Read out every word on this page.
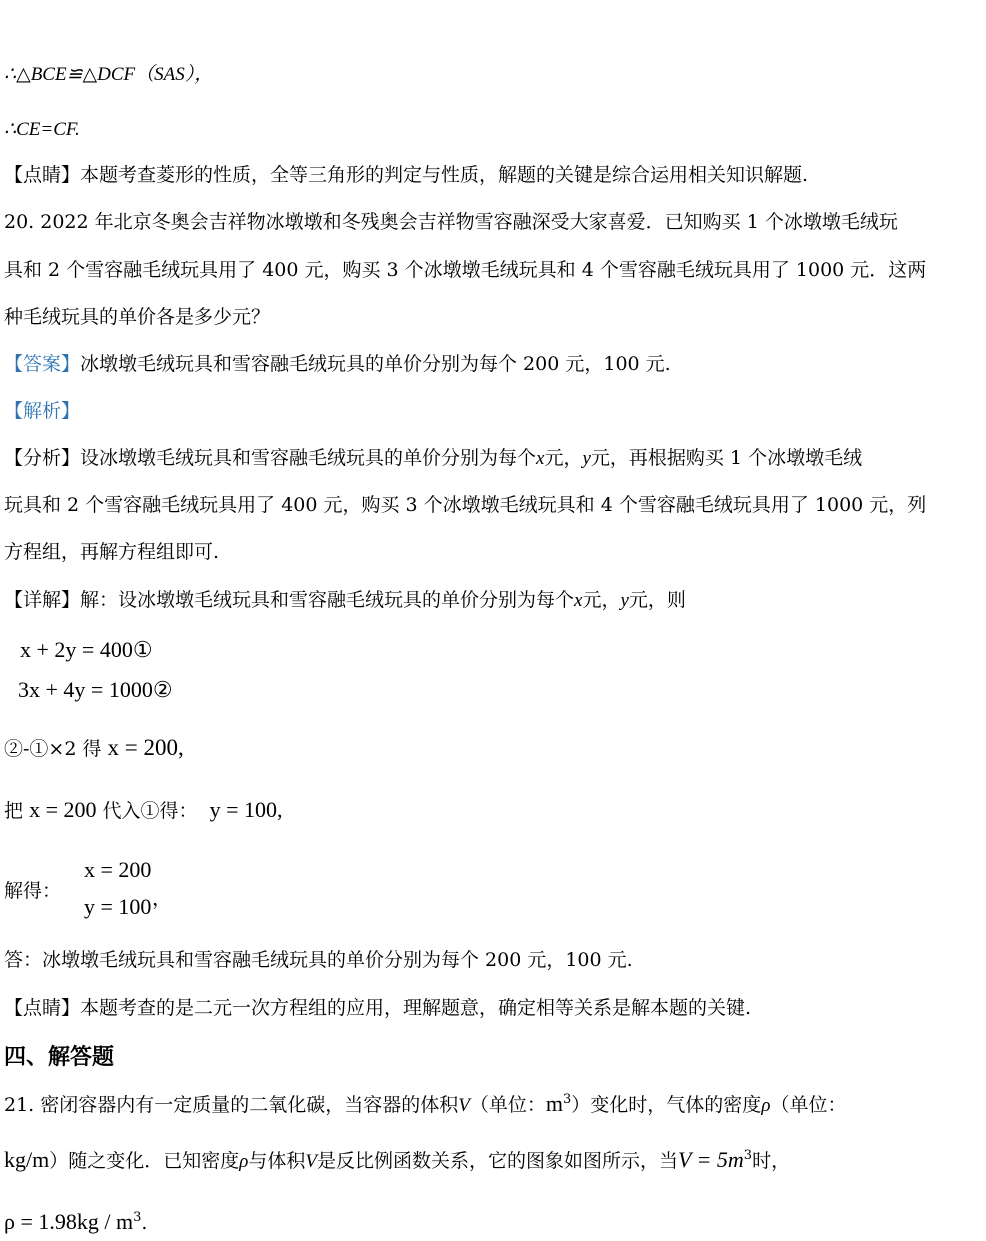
∴△BCE≌△DCF（SAS），
∴CE=CF.
【点睛】本题考查菱形的性质，全等三角形的判定与性质，解题的关键是综合运用相关知识解题.
20. 2022 年北京冬奥会吉祥物冰墩墩和冬残奥会吉祥物雪容融深受大家喜爱．已知购买 1 个冰墩墩毛绒玩
具和 2 个雪容融毛绒玩具用了 400 元，购买 3 个冰墩墩毛绒玩具和 4 个雪容融毛绒玩具用了 1000 元．这两
种毛绒玩具的单价各是多少元？
【答案】冰墩墩毛绒玩具和雪容融毛绒玩具的单价分别为每个 200 元，100 元.
【解析】
【分析】设冰墩墩毛绒玩具和雪容融毛绒玩具的单价分别为每个x元，y元，再根据购买 1 个冰墩墩毛绒
玩具和 2 个雪容融毛绒玩具用了 400 元，购买 3 个冰墩墩毛绒玩具和 4 个雪容融毛绒玩具用了 1000 元，列
方程组，再解方程组即可.
【详解】解：设冰墩墩毛绒玩具和雪容融毛绒玩具的单价分别为每个x元，y元，则
x + 2y = 400①
3x + 4y = 1000②
②-①×2 得 x = 200,
把 x = 200 代入①得： y = 100,
解得：
x = 200
y = 100 ，
答：冰墩墩毛绒玩具和雪容融毛绒玩具的单价分别为每个 200 元，100 元.
【点睛】本题考查的是二元一次方程组的应用，理解题意，确定相等关系是解本题的关键.
四、解答题
21. 密闭容器内有一定质量的二氧化碳，当容器的体积V（单位：$m^3$）变化时，气体的密度ρ（单位：
kg/m）随之变化．已知密度ρ与体积V是反比例函数关系，它的图象如图所示，当$V = 5m^3$时，
$\rho = 1.98kg / m^3$.
